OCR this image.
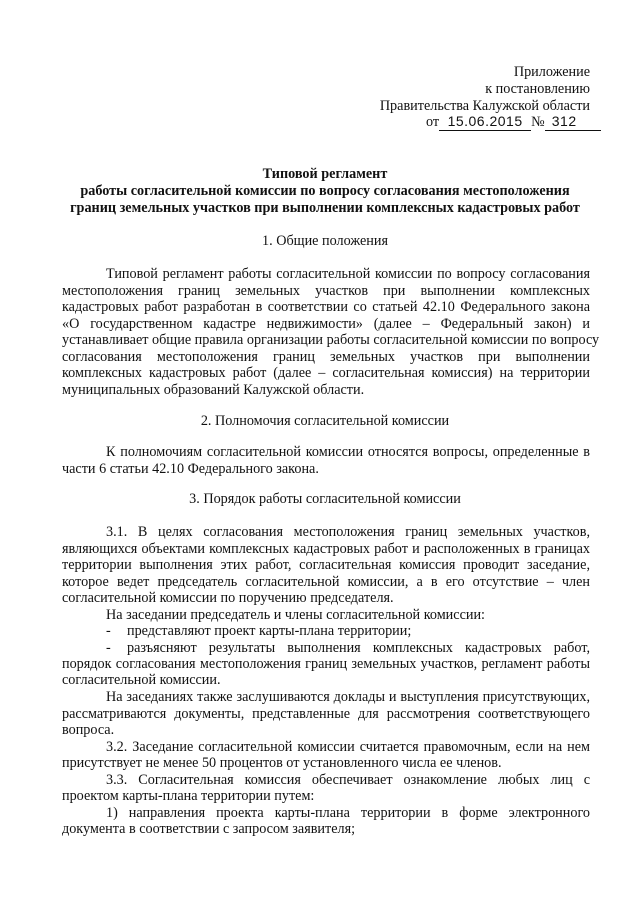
Приложение
к постановлению
Правительства Калужской области
от 15.06.2015 № 312
Типовой регламент
работы согласительной комиссии по вопросу согласования местоположения
границ земельных участков при выполнении комплексных кадастровых работ
1. Общие положения
Типовой регламент работы согласительной комиссии по вопросу согласования
местоположения границ земельных участков при выполнении комплексных
кадастровых работ разработан в соответствии со статьей 42.10 Федерального закона
«О государственном кадастре недвижимости» (далее – Федеральный закон) и
устанавливает общие правила организации работы согласительной комиссии по вопросу
согласования местоположения границ земельных участков при выполнении
комплексных кадастровых работ (далее – согласительная комиссия) на территории
муниципальных образований Калужской области.
2. Полномочия согласительной комиссии
К полномочиям согласительной комиссии относятся вопросы, определенные в
части 6 статьи 42.10 Федерального закона.
3. Порядок работы согласительной комиссии
3.1. В целях согласования местоположения границ земельных участков,
являющихся объектами комплексных кадастровых работ и расположенных в границах
территории выполнения этих работ, согласительная комиссия проводит заседание,
которое ведет председатель согласительной комиссии, а в его отсутствие – член
согласительной комиссии по поручению председателя.
На заседании председатель и члены согласительной комиссии:
- представляют проект карты-плана территории;
- разъясняют результаты выполнения комплексных кадастровых работ,
порядок согласования местоположения границ земельных участков, регламент работы
согласительной комиссии.
На заседаниях также заслушиваются доклады и выступления присутствующих,
рассматриваются документы, представленные для рассмотрения соответствующего
вопроса.
3.2. Заседание согласительной комиссии считается правомочным, если на нем
присутствует не менее 50 процентов от установленного числа ее членов.
3.3. Согласительная комиссия обеспечивает ознакомление любых лиц с
проектом карты-плана территории путем:
1) направления проекта карты-плана территории в форме электронного
документа в соответствии с запросом заявителя;
